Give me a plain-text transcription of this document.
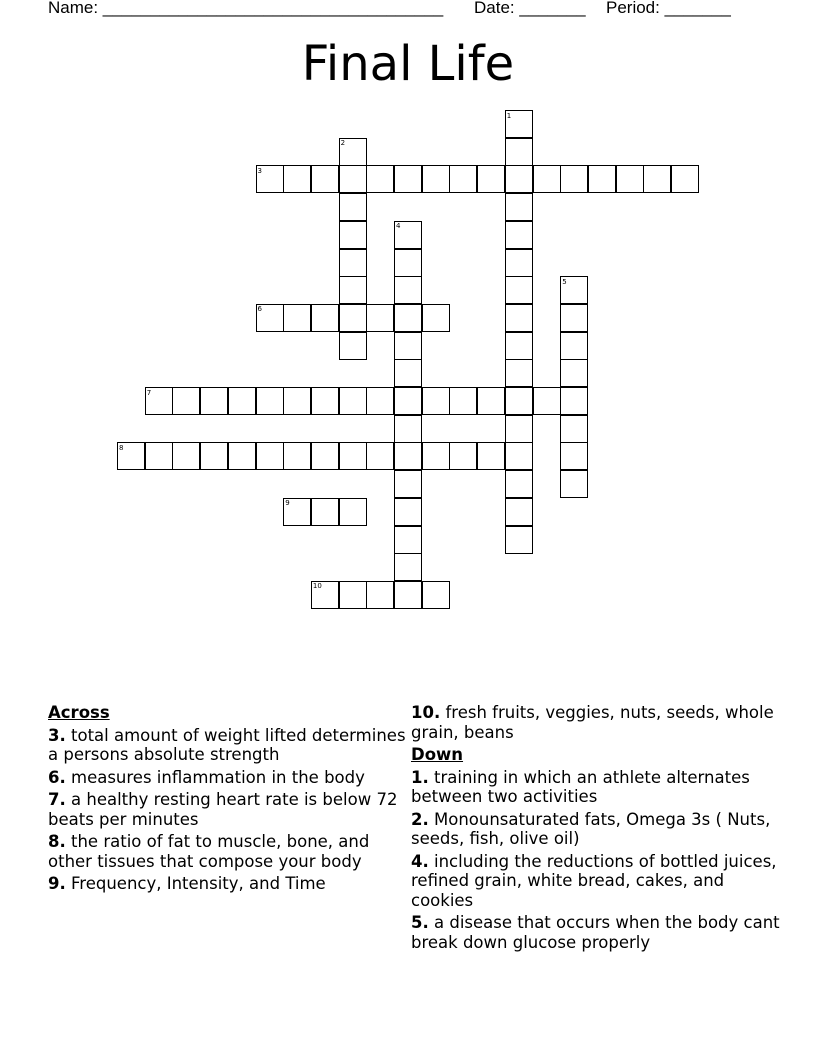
Name: ____________________________________ Date: _______ Period: _______
Final Life
3
6
7
8
9
10
1
2
4
5
Across
3. total amount of weight lifted determines a persons absolute strength
6. measures inflammation in the body
7. a healthy resting heart rate is below 72 beats per minutes
8. the ratio of fat to muscle, bone, and other tissues that compose your body
9. Frequency, Intensity, and Time
10. fresh fruits, veggies, nuts, seeds, whole grain, beans
Down
1. training in which an athlete alternates between two activities
2. Monounsaturated fats, Omega 3s ( Nuts, seeds, fish, olive oil)
4. including the reductions of bottled juices, refined grain, white bread, cakes, and cookies
5. a disease that occurs when the body cant break down glucose properly
